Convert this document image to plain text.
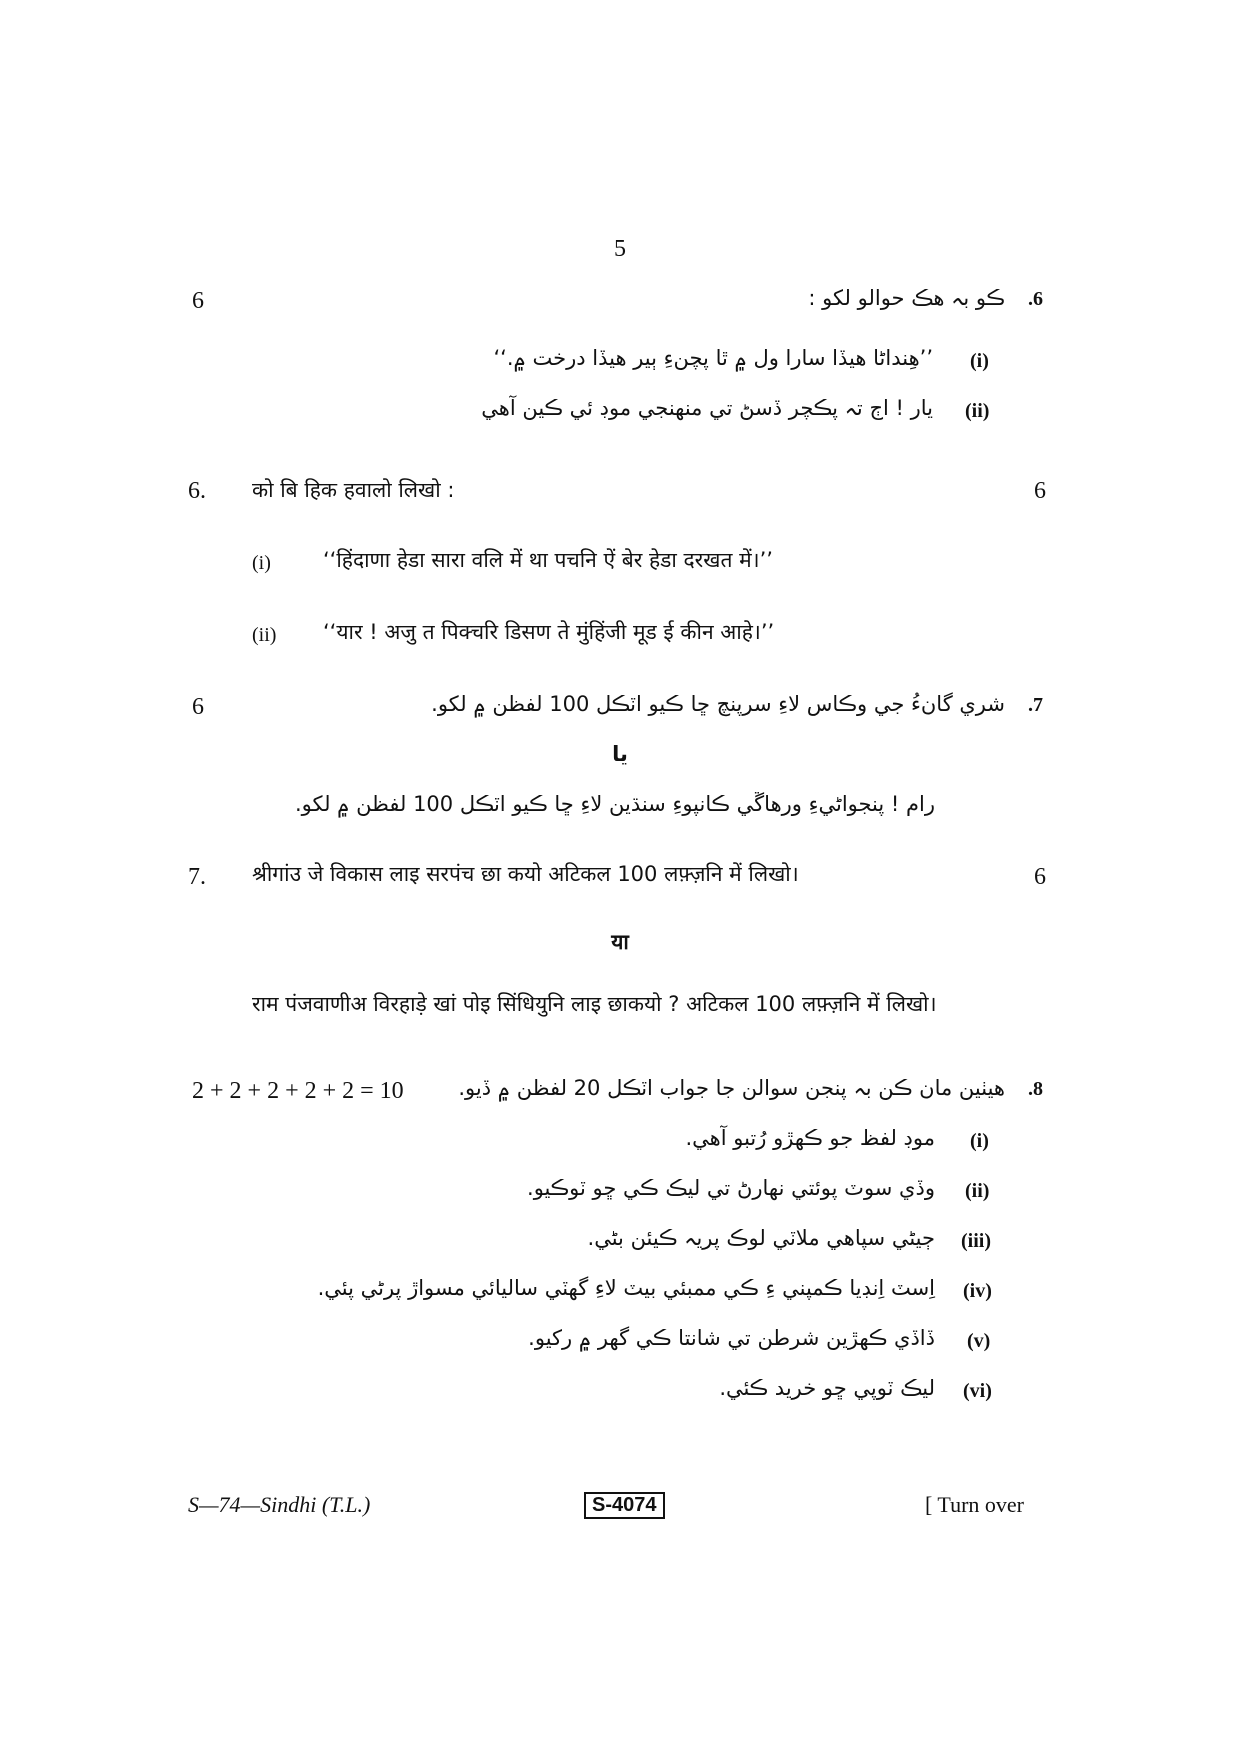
5
6	.6
ڪو بہ هڪ حوالو لکو :
(i)
’’هِنداڻا هيڏا سارا ول ۾ ٿا پچنءِ ٻير هيڏا درخت ۾.‘‘
(ii)
يار ! اڄ تہ پڪچر ڏسڻ تي منهنجي موڊ ئي ڪين آهي
6. को बि हिक हवालो लिखो :	6
(i) ‘‘हिंदाणा हेडा सारा वलि में था पचनि ऐं बेर हेडा दरखत में।’’
(ii) ‘‘यार ! अजु त पिक्चरि डिसण ते मुंहिंजी मूड ई कीन आहे।’’
6	.7
شري گانءُ جي وڪاس لاءِ سرپنچ ڇا ڪيو اٽڪل 100 لفظن ۾ لکو.
يا
رام ! پنجواڻيءِ ورهاڱي ڪانپوءِ سنڌين لاءِ ڇا ڪيو اٽڪل 100 لفظن ۾ لکو.
7. श्रीगांउ जे विकास लाइ सरपंच छा कयो अटिकल 100 लफ़्ज़नि में लिखो।	6
या
राम पंजवाणीअ विरहाड़े खां पोइ सिंधियुनि लाइ छाकयो ? अटिकल 100 लफ़्ज़नि में लिखो।
2 + 2 + 2 + 2 + 2 = 10	.8
هيٺين مان ڪن بہ پنجن سوالن جا جواب اٽڪل 20 لفظن ۾ ڏيو.
(i)
موڊ لفظ جو ڪهڙو رُتبو آهي.
(ii)
وڏي سوٽ پوئتي نهارڻ تي ليڪ ڪي ڇو ٽوڪيو.
(iii)
ڄيڻي سپاهي ملاٽي لوڪ پريہ ڪيئن بڻي.
(iv)
اِسٽ اِنڊيا ڪمپني ءِ ڪي ممبئي بيٽ لاءِ گهٽي ساليائي مسواڙ پرڻي پئي.
(v)
ڏاڏي ڪهڙين شرطن تي شانتا ڪي گهر ۾ رکيو.
(vi)
ليڪ ٽوپي ڇو خريد ڪئي.
S—74—Sindhi (T.L.)	S-4074	[ Turn over
